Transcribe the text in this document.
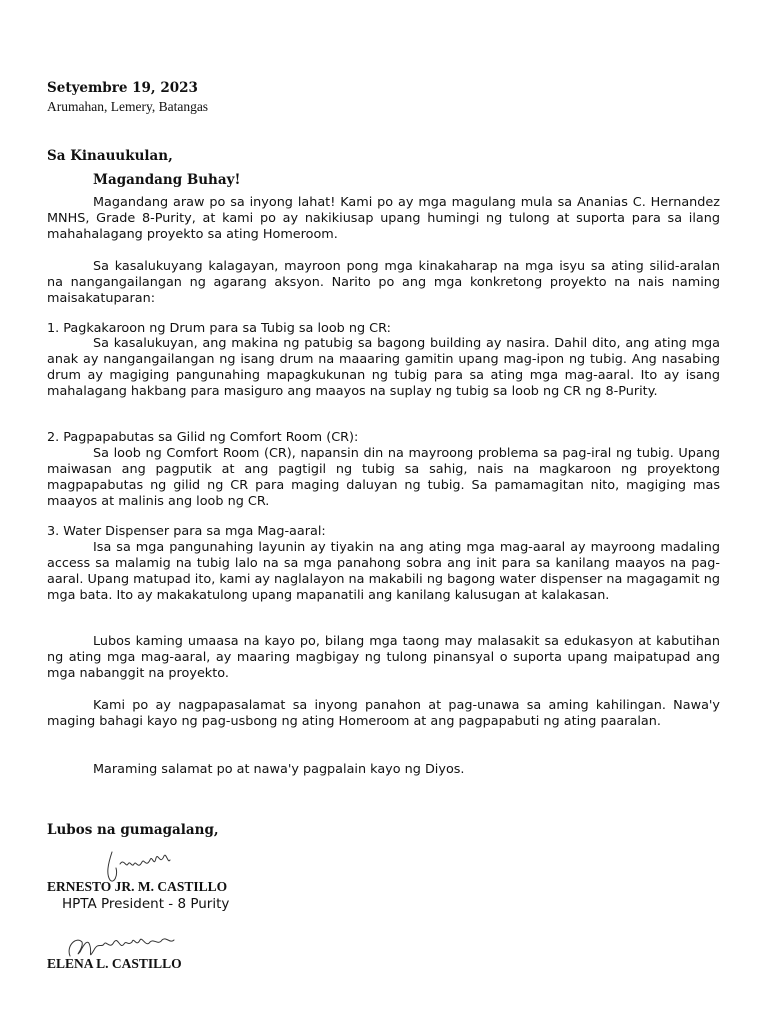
Setyembre 19, 2023

Arumahan, Lemery, Batangas

Sa Kinauukulan,

Magandang Buhay!

Magandang araw po sa inyong lahat! Kami po ay mga magulang mula sa Ananias C. Hernandez MNHS, Grade 8-Purity, at kami po ay nakikiusap upang humingi ng tulong at suporta para sa ilang mahahalagang proyekto sa ating Homeroom.

Sa kasalukuyang kalagayan, mayroon pong mga kinakaharap na mga isyu sa ating silid-aralan na nangangailangan ng agarang aksyon. Narito po ang mga konkretong proyekto na nais naming maisakatuparan:

1. Pagkakaroon ng Drum para sa Tubig sa loob ng CR:

Sa kasalukuyan, ang makina ng patubig sa bagong building ay nasira. Dahil dito, ang ating mga anak ay nangangailangan ng isang drum na maaaring gamitin upang mag-ipon ng tubig. Ang nasabing drum ay magiging pangunahing mapagkukunan ng tubig para sa ating mga mag-aaral. Ito ay isang mahalagang hakbang para masiguro ang maayos na suplay ng tubig sa loob ng CR ng 8-Purity.

2. Pagpapabutas sa Gilid ng Comfort Room (CR):

Sa loob ng Comfort Room (CR), napansin din na mayroong problema sa pag-iral ng tubig. Upang maiwasan ang pagputik at ang pagtigil ng tubig sa sahig, nais na magkaroon ng proyektong magpapabutas ng gilid ng CR para maging daluyan ng tubig. Sa pamamagitan nito, magiging mas maayos at malinis ang loob ng CR.

3. Water Dispenser para sa mga Mag-aaral:

Isa sa mga pangunahing layunin ay tiyakin na ang ating mga mag-aaral ay mayroong madaling access sa malamig na tubig lalo na sa mga panahong sobra ang init para sa kanilang maayos na pag-aaral. Upang matupad ito, kami ay naglalayon na makabili ng bagong water dispenser na magagamit ng mga bata. Ito ay makakatulong upang mapanatili ang kanilang kalusugan at kalakasan.

Lubos kaming umaasa na kayo po, bilang mga taong may malasakit sa edukasyon at kabutihan ng ating mga mag-aaral, ay maaring magbigay ng tulong pinansyal o suporta upang maipatupad ang mga nabanggit na proyekto.

Kami po ay nagpapasalamat sa inyong panahon at pag-unawa sa aming kahilingan. Nawa'y maging bahagi kayo ng pag-usbong ng ating Homeroom at ang pagpapabuti ng ating paaralan.

Maraming salamat po at nawa'y pagpalain kayo ng Diyos.

Lubos na gumagalang,

ERNESTO JR. M. CASTILLO

HPTA President - 8 Purity

ELENA L. CASTILLO
